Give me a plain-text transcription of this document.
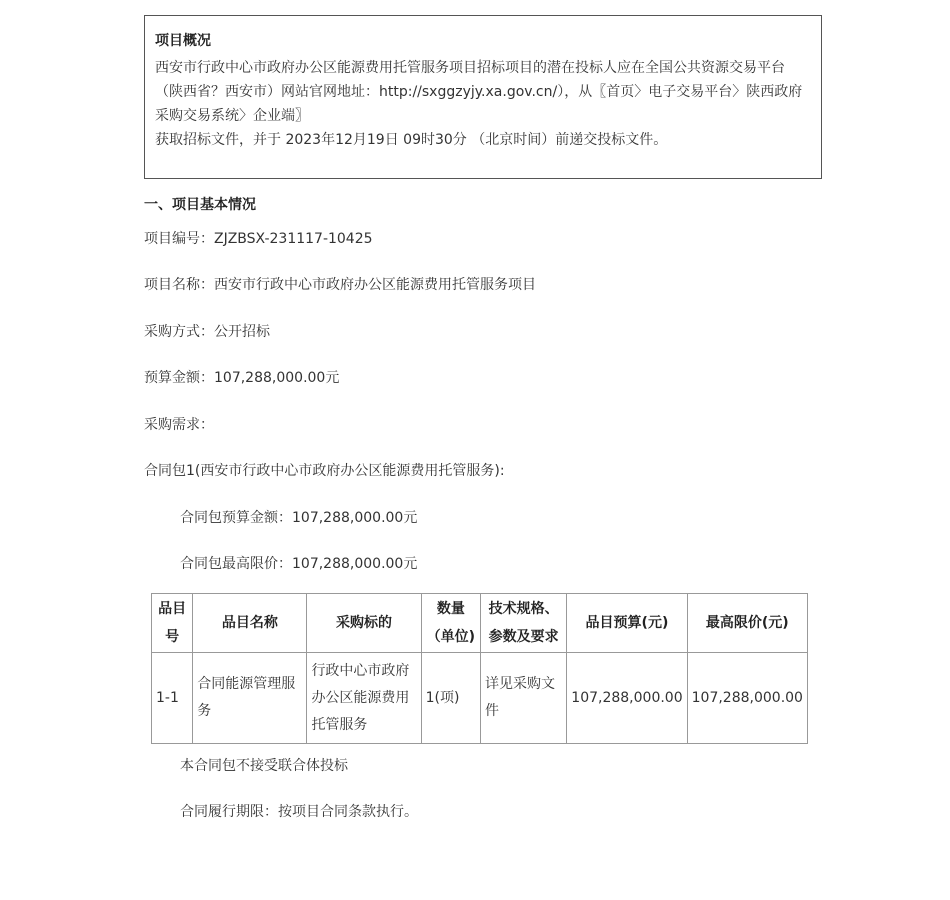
项目概况
西安市行政中心市政府办公区能源费用托管服务项目招标项目的潜在投标人应在全国公共资源交易平台（陕西省？西安市）网站官网地址：http://sxggzyjy.xa.gov.cn/），从〖首页〉电子交易平台〉陕西政府采购交易系统〉企业端〗
获取招标文件，并于 2023年12月19日 09时30分 （北京时间）前递交投标文件。
一、项目基本情况
项目编号：ZJZBSX-231117-10425
项目名称：西安市行政中心市政府办公区能源费用托管服务项目
采购方式：公开招标
预算金额：107,288,000.00元
采购需求：
合同包1(西安市行政中心市政府办公区能源费用托管服务):
合同包预算金额：107,288,000.00元
合同包最高限价：107,288,000.00元
品目号	品目名称	采购标的	数量（单位)	技术规格、参数及要求	品目预算(元)	最高限价(元)
1-1	合同能源管理服务	行政中心市政府办公区能源费用托管服务	1(项)	详见采购文件	107,288,000.00	107,288,000.00
本合同包不接受联合体投标
合同履行期限：按项目合同条款执行。
